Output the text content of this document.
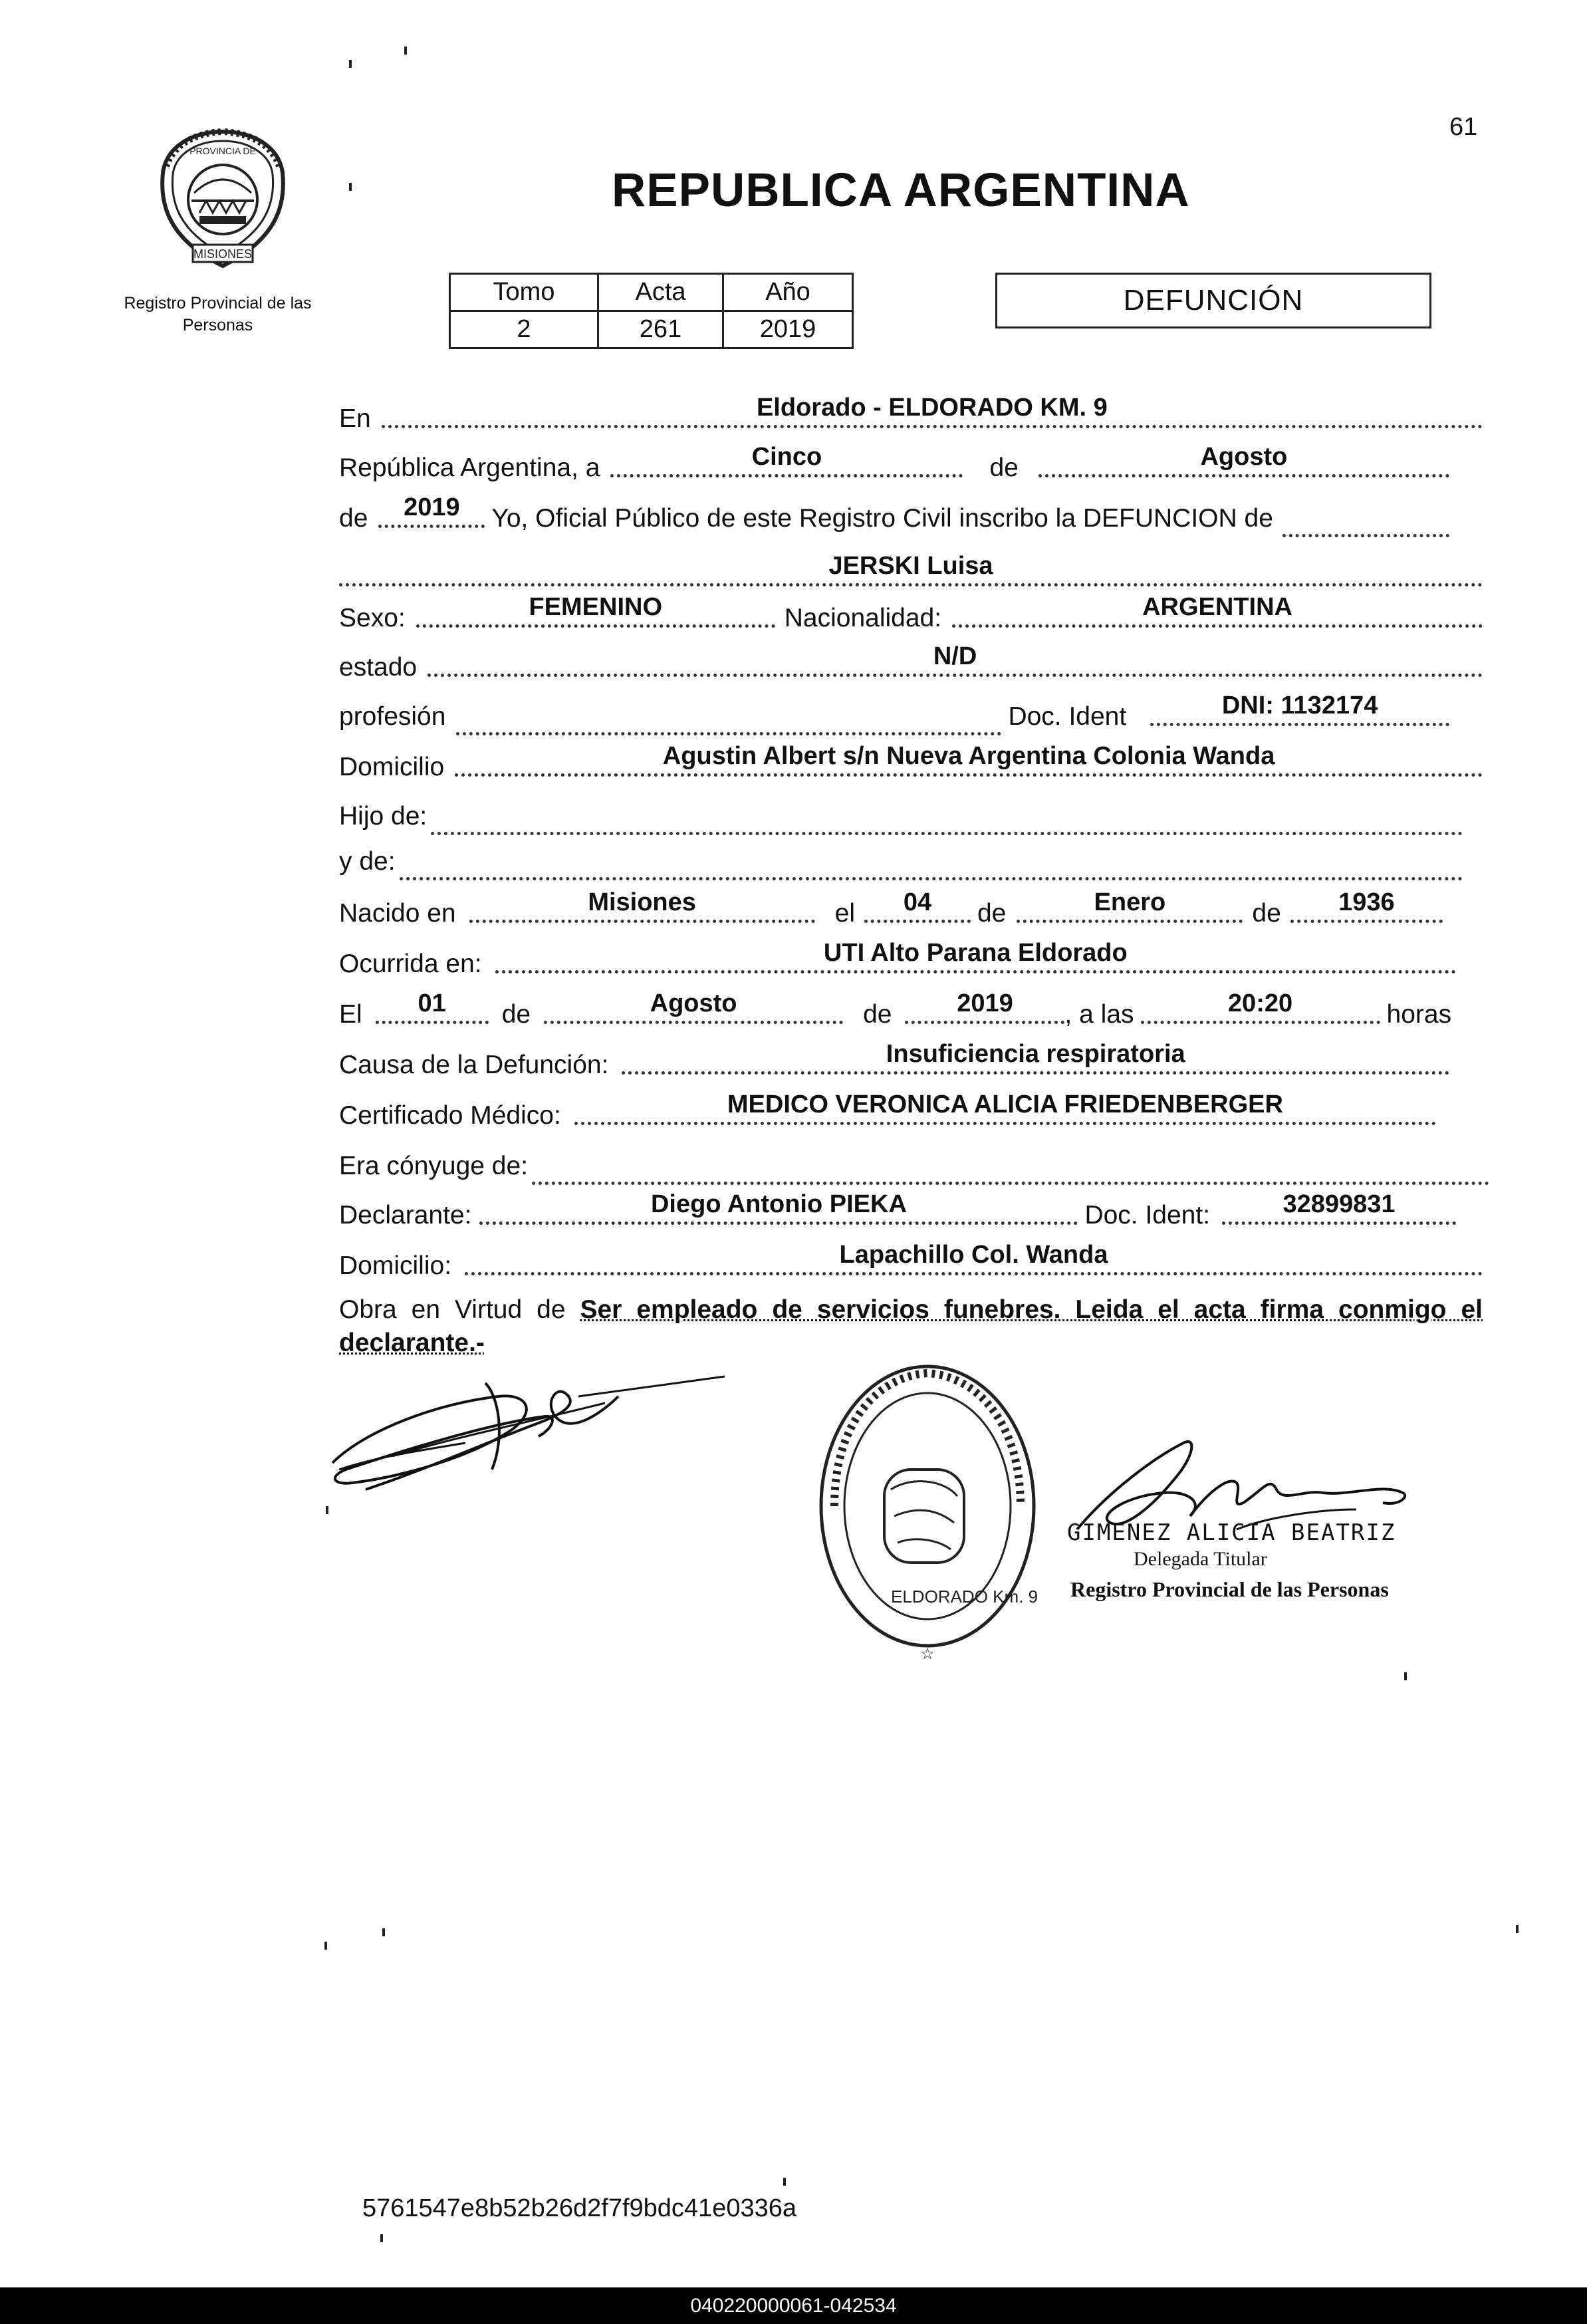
61
MISIONES
PROVINCIA DE
Registro Provincial de las Personas
REPUBLICA ARGENTINA
Tomo	Acta	Año
2	261	2019
DEFUNCIÓN
En	Eldorado - ELDORADO KM. 9
República Argentina, a	Cinco	de	Agosto
de	2019	Yo, Oficial Público de este Registro Civil inscribo la DEFUNCION de
JERSKI Luisa
Sexo:	FEMENINO	Nacionalidad:	ARGENTINA
estado	N/D
profesión	Doc. Ident	DNI: 1132174
Domicilio	Agustin Albert s/n Nueva Argentina Colonia Wanda
Hijo de:
y de:
Nacido en	Misiones	el	04	de	Enero	de	1936
Ocurrida en:	UTI Alto Parana Eldorado
El	01	de	Agosto	de	2019	, a las	20:20	horas
Causa de la Defunción:	Insuficiencia respiratoria
Certificado Médico:	MEDICO VERONICA ALICIA FRIEDENBERGER
Era cónyuge de:
Declarante:	Diego Antonio PIEKA	Doc. Ident:	32899831
Domicilio:	Lapachillo Col. Wanda
Obra en Virtud de Ser empleado de servicios funebres. Leida el acta firma conmigo el declarante.-
ELDORADO Km. 9
☆
GIMENEZ ALICIA BEATRIZ
Delegada Titular
Registro Provincial de las Personas
5761547e8b52b26d2f7f9bdc41e0336a
040220000061-042534
